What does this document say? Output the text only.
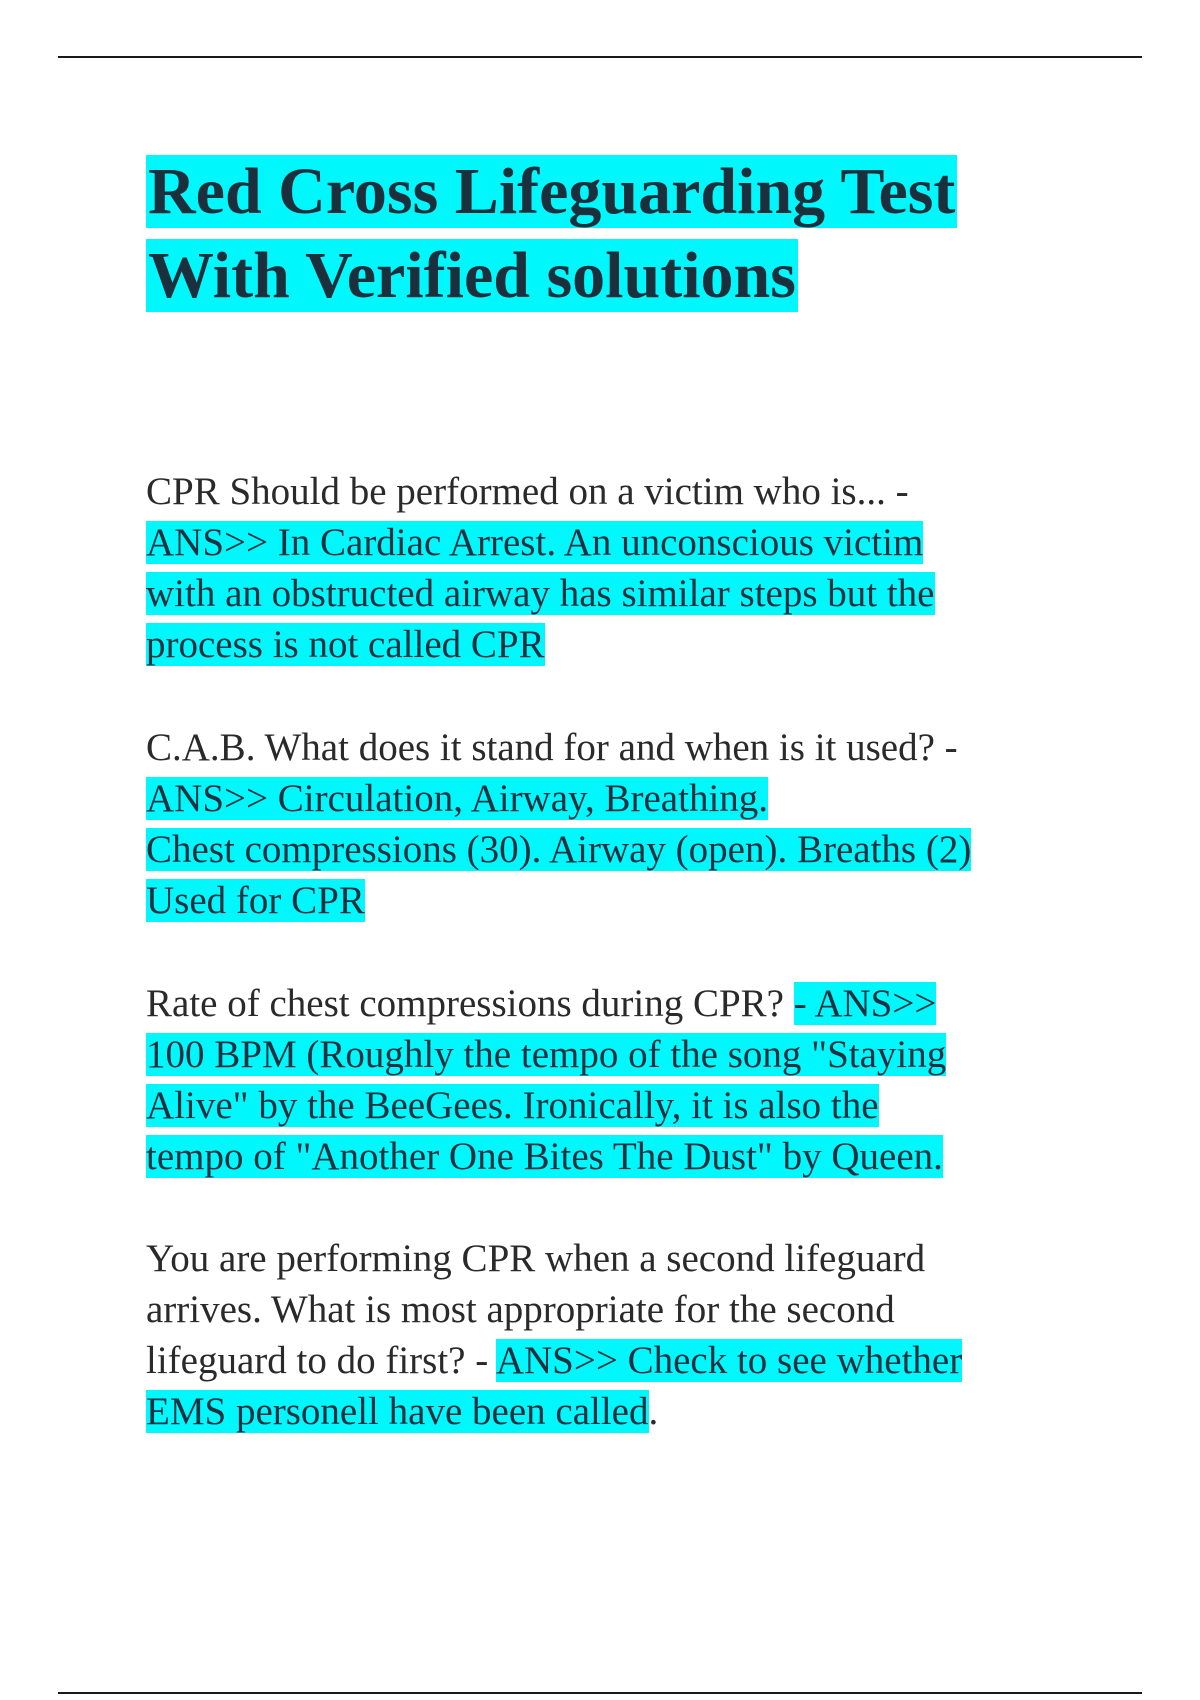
Red Cross Lifeguarding Test
With Verified solutions
CPR Should be performed on a victim who is... -
ANS>> In Cardiac Arrest. An unconscious victim
with an obstructed airway has similar steps but the
process is not called CPR
C.A.B. What does it stand for and when is it used? -
ANS>> Circulation, Airway, Breathing.
Chest compressions (30). Airway (open). Breaths (2)
Used for CPR
Rate of chest compressions during CPR? - ANS>>
100 BPM (Roughly the tempo of the song "Staying
Alive" by the BeeGees. Ironically, it is also the
tempo of "Another One Bites The Dust" by Queen.
You are performing CPR when a second lifeguard
arrives. What is most appropriate for the second
lifeguard to do first? - ANS>> Check to see whether
EMS personell have been called.
